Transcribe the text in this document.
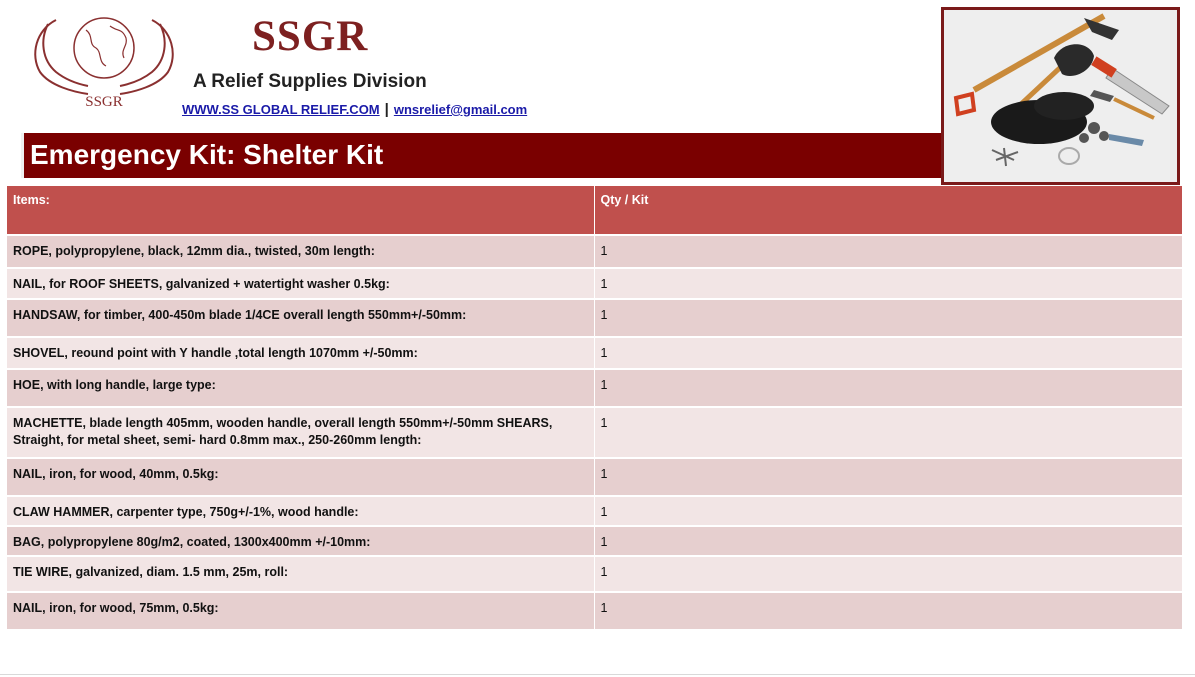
SSGR
SSGR
A Relief Supplies Division
WWW.SS GLOBAL RELIEF.COM | wnsrelief@gmail.com
Emergency Kit: Shelter Kit
Items:	Qty / Kit
ROPE, polypropylene, black, 12mm dia., twisted, 30m length:	1
NAIL, for ROOF SHEETS, galvanized + watertight washer 0.5kg:	1
HANDSAW, for timber, 400-450m blade 1/4CE overall length 550mm+/-50mm:	1
SHOVEL, reound point with Y handle ,total length 1070mm +/-50mm:	1
HOE, with long handle, large type:	1
MACHETTE, blade length 405mm, wooden handle, overall length 550mm+/-50mm SHEARS, Straight, for metal sheet, semi- hard 0.8mm max., 250-260mm length:	1
NAIL, iron, for wood, 40mm, 0.5kg:	1
CLAW HAMMER, carpenter type, 750g+/-1%, wood handle:	1
BAG, polypropylene 80g/m2, coated, 1300x400mm +/-10mm:	1
TIE WIRE, galvanized, diam. 1.5 mm, 25m, roll:	1
NAIL, iron, for wood, 75mm, 0.5kg:	1
